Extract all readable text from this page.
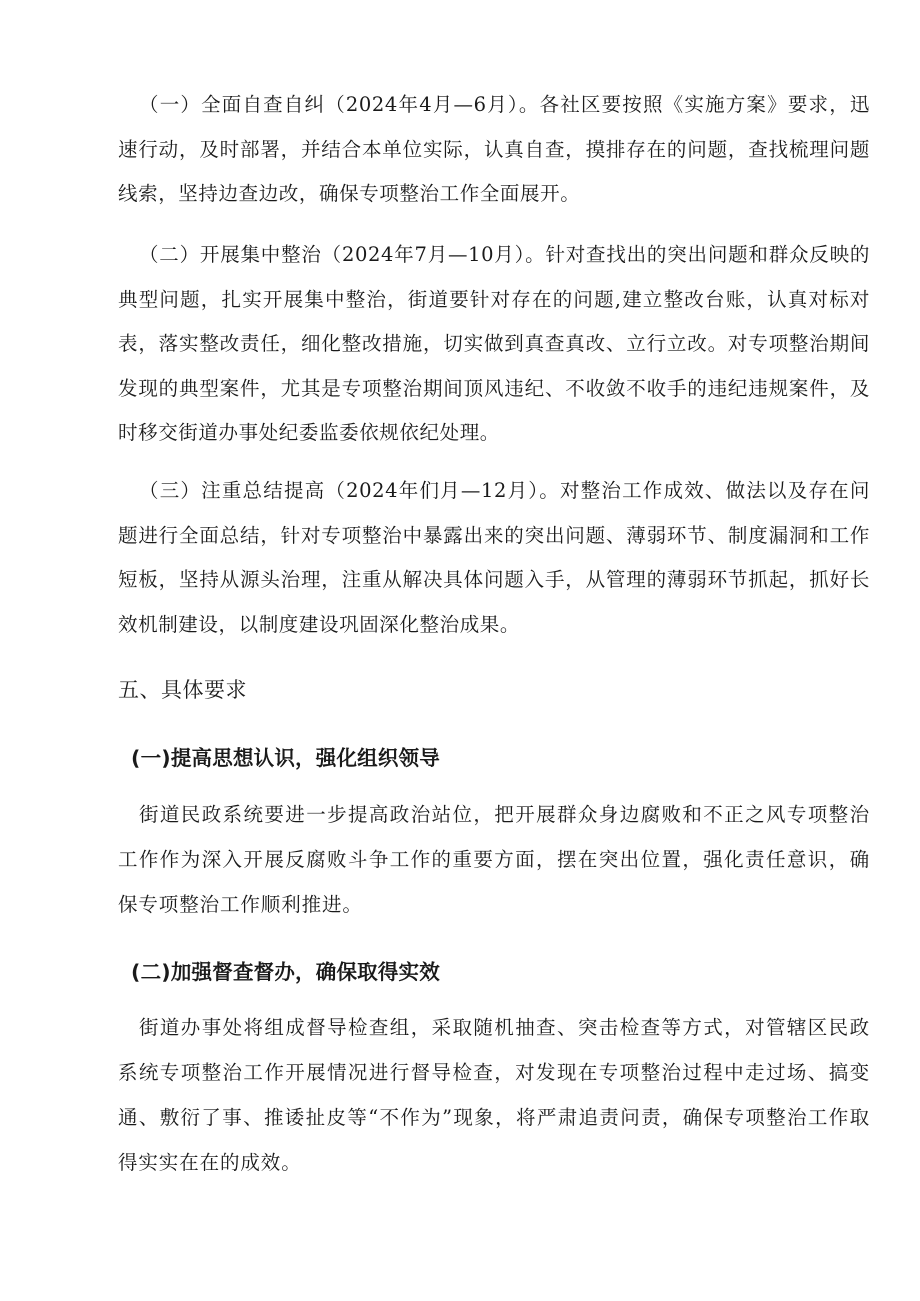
（一）全面自查自纠（2024年4月—6月）。各社区要按照《实施方案》要求，迅速行动，及时部署，并结合本单位实际，认真自查，摸排存在的问题，查找梳理问题线索，坚持边查边改，确保专项整治工作全面展开。

（二）开展集中整治（2024年7月—10月）。针对查找出的突出问题和群众反映的典型问题，扎实开展集中整治，街道要针对存在的问题,建立整改台账，认真对标对表，落实整改责任，细化整改措施，切实做到真查真改、立行立改。对专项整治期间发现的典型案件，尤其是专项整治期间顶风违纪、不收敛不收手的违纪违规案件，及时移交街道办事处纪委监委依规依纪处理。

（三）注重总结提高（2024年们月—12月）。对整治工作成效、做法以及存在问题进行全面总结，针对专项整治中暴露出来的突出问题、薄弱环节、制度漏洞和工作短板，坚持从源头治理，注重从解决具体问题入手，从管理的薄弱环节抓起，抓好长效机制建设，以制度建设巩固深化整治成果。

五、具体要求
(一)提高思想认识，强化组织领导

街道民政系统要进一步提高政治站位，把开展群众身边腐败和不正之风专项整治工作作为深入开展反腐败斗争工作的重要方面，摆在突出位置，强化责任意识，确保专项整治工作顺利推进。

(二)加强督查督办，确保取得实效

街道办事处将组成督导检查组，采取随机抽查、突击检查等方式，对管辖区民政系统专项整治工作开展情况进行督导检查，对发现在专项整治过程中走过场、搞变通、敷衍了事、推诿扯皮等“不作为”现象，将严肃追责问责，确保专项整治工作取得实实在在的成效。
